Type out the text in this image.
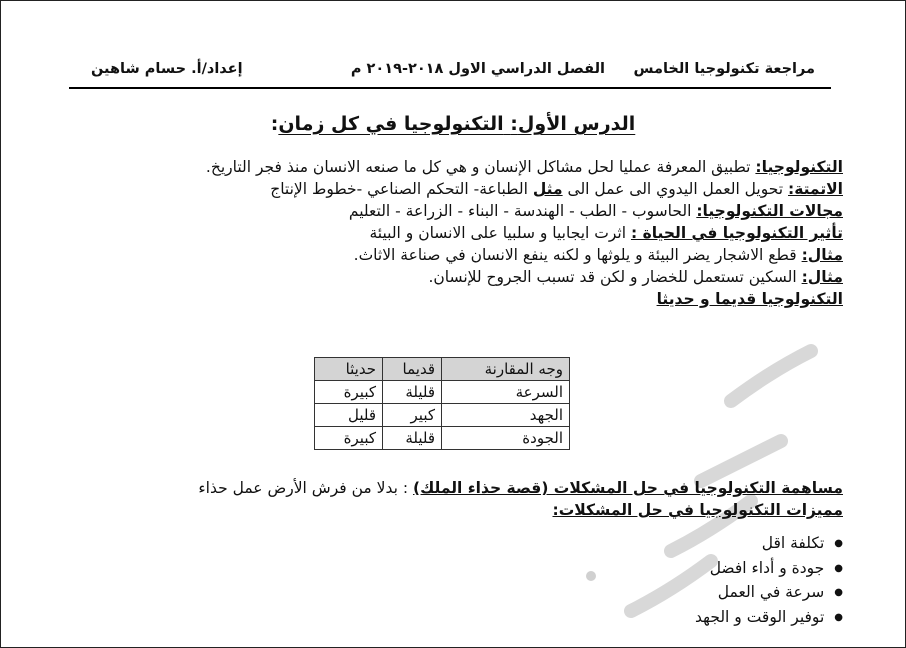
مراجعة تكنولوجيا الخامس
الفصل الدراسي الاول ٢٠١٨-٢٠١٩ م
إعداد/أ. حسام شاهين
الدرس الأول: التكنولوجيا في كل زمان:

التكنولوجيا: تطبيق المعرفة عمليا لحل مشاكل الإنسان و هي كل ما صنعه الانسان منذ فجر التاريخ.

الاتمتة: تحويل العمل اليدوي الى عمل الى مثل الطباعة- التحكم الصناعي -خطوط الإنتاج

مجالات التكنولوجيا: الحاسوب - الطب - الهندسة - البناء - الزراعة - التعليم

تأثير التكنولوجيا في الحياة : اثرت ايجابيا و سلبيا على الانسان و البيئة

مثال: قطع الاشجار يضر البيئة و يلوثها و لكنه ينفع الانسان في صناعة الاثاث.

مثال: السكين تستعمل للخضار و لكن قد تسبب الجروح للإنسان.

التكنولوجيا قديما و حديثا

وجه المقارنة	قديما	حديثا
السرعة	قليلة	كبيرة
الجهد	كبير	قليل
الجودة	قليلة	كبيرة

مساهمة التكنولوجيا في حل المشكلات (قصة حذاء الملك) : بدلا من فرش الأرض عمل حذاء

مميزات التكنولوجيا في حل المشكلات:

● تكلفة اقل
● جودة و أداء افضل
● سرعة في العمل
● توفير الوقت و الجهد
